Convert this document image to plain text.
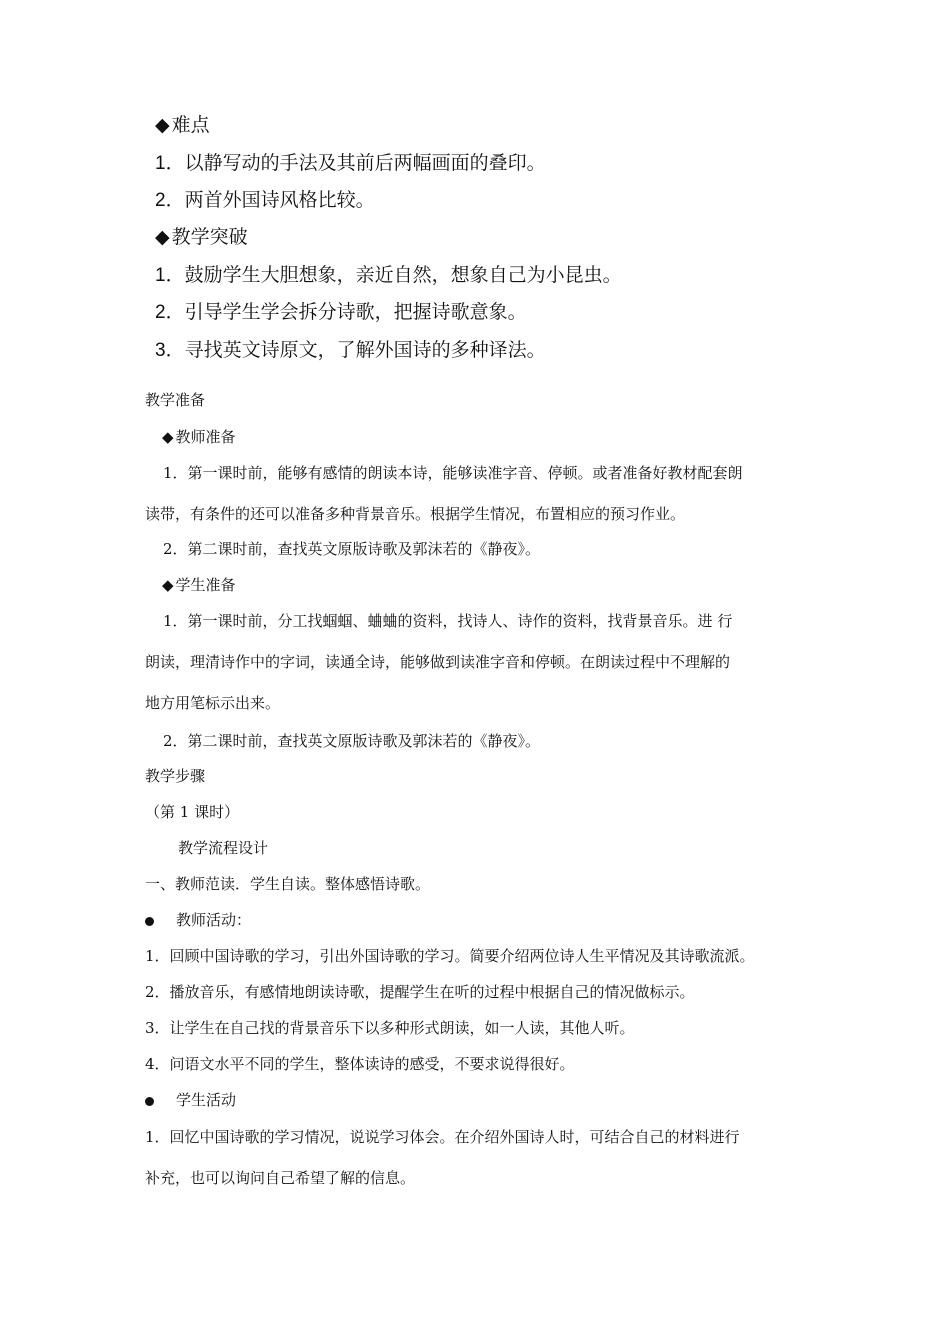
◆ 难点

1．以静写动的手法及其前后两幅画面的叠印。

2．两首外国诗风格比较。

◆ 教学突破

1．鼓励学生大胆想象，亲近自然，想象自己为小昆虫。

2．引导学生学会拆分诗歌，把握诗歌意象。

3．寻找英文诗原文，了解外国诗的多种译法。

教学准备

◆ 教师准备

1．第一课时前，能够有感情的朗读本诗，能够读准字音、停顿。或者准备好教材配套朗

读带，有条件的还可以准备多种背景音乐。根据学生情况，布置相应的预习作业。

2．第二课时前，查找英文原版诗歌及郭沫若的《静夜》。

◆ 学生准备

1．第一课时前，分工找蝈蝈、蛐蛐的资料，找诗人、诗作的资料，找背景音乐。进 行

朗读，理清诗作中的字词，读通全诗，能够做到读准字音和停顿。在朗读过程中不理解的

地方用笔标示出来。

2．第二课时前，查找英文原版诗歌及郭沫若的《静夜》。

教学步骤

（第 1 课时）

教学流程设计

一、教师范读．学生自读。整体感悟诗歌。

教师活动：

1．回顾中国诗歌的学习，引出外国诗歌的学习。简要介绍两位诗人生平情况及其诗歌流派。

2．播放音乐，有感情地朗读诗歌，提醒学生在听的过程中根据自己的情况做标示。

3．让学生在自己找的背景音乐下以多种形式朗读，如一人读，其他人听。

4．问语文水平不同的学生，整体读诗的感受，不要求说得很好。

学生活动

1．回忆中国诗歌的学习情况，说说学习体会。在介绍外国诗人时，可结合自己的材料进行

补充，也可以询问自己希望了解的信息。
